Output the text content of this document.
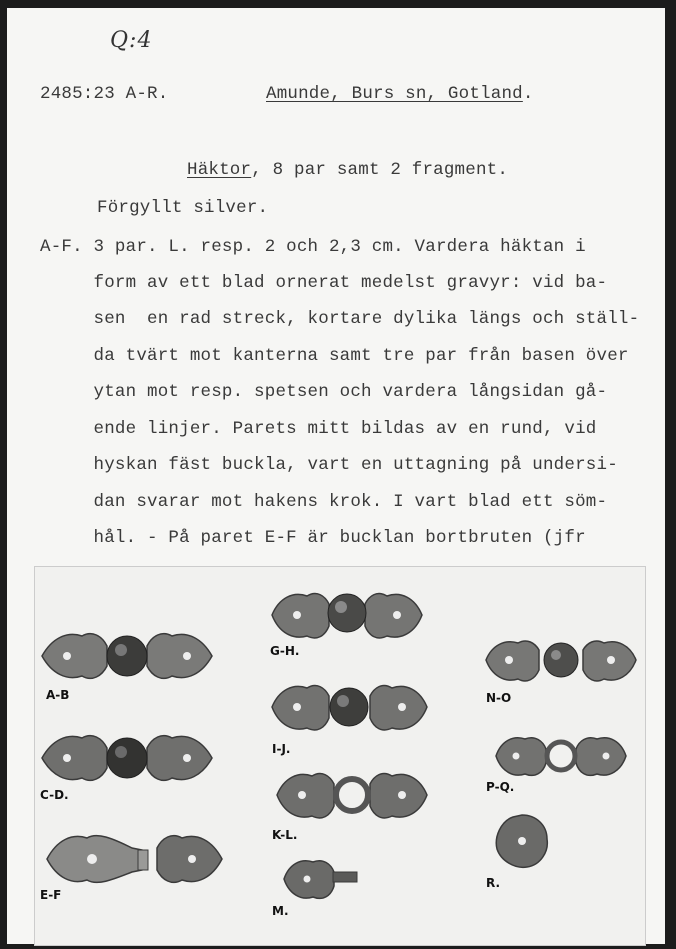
Q:4
2485:23 A-R.	Amunde, Burs sn, Gotland.
Häktor, 8 par samt 2 fragment.
Förgyllt silver.
A-F. 3 par. L. resp. 2 och 2,3 cm. Vardera häktan i
form av ett blad ornerat medelst gravyr: vid ba-
sen  en rad streck, kortare dylika längs och ställ-
da tvärt mot kanterna samt tre par från basen över
ytan mot resp. spetsen och vardera långsidan gå-
ende linjer. Parets mitt bildas av en rund, vid
hyskan fäst buckla, vart en uttagning på undersi-
dan svarar mot hakens krok. I vart blad ett söm-
hål. - På paret E-F är bucklan bortbruten (jfr
A-B
C-D.
E-F
G-H.
I-J.
K-L.
M.
N-O
P-Q.
R.
